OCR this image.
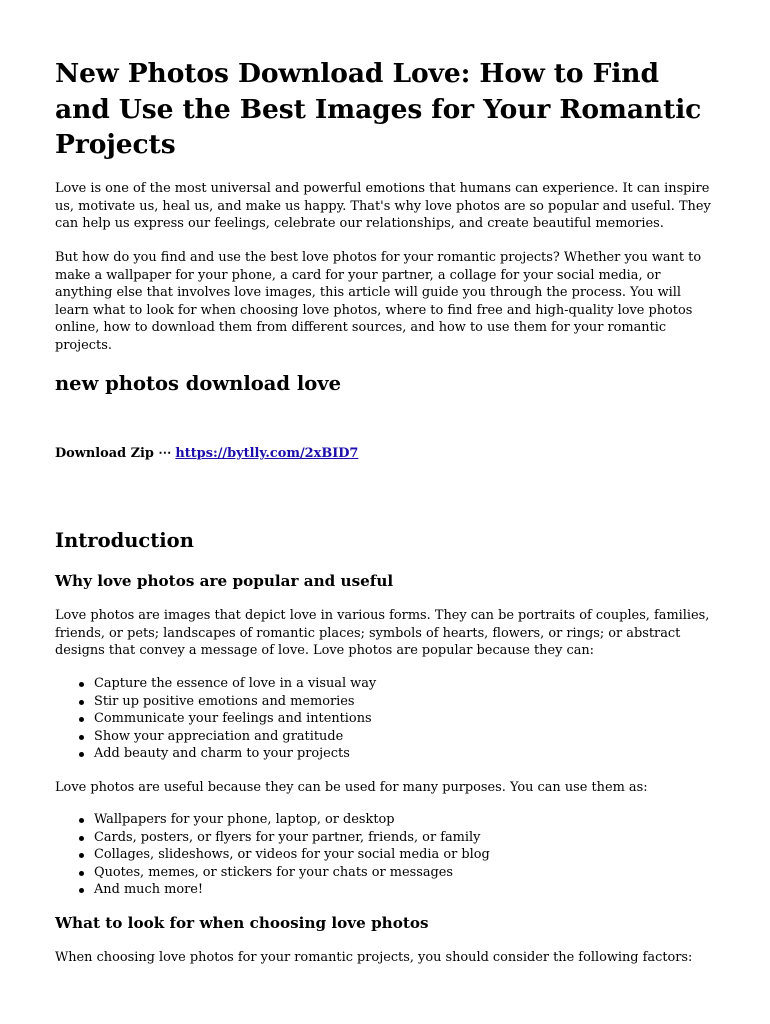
New Photos Download Love: How to Find and Use the Best Images for Your Romantic Projects

Love is one of the most universal and powerful emotions that humans can experience. It can inspire us, motivate us, heal us, and make us happy. That's why love photos are so popular and useful. They can help us express our feelings, celebrate our relationships, and create beautiful memories.

But how do you find and use the best love photos for your romantic projects? Whether you want to make a wallpaper for your phone, a card for your partner, a collage for your social media, or anything else that involves love images, this article will guide you through the process. You will learn what to look for when choosing love photos, where to find free and high-quality love photos online, how to download them from different sources, and how to use them for your romantic projects.

new photos download love
Download Zip ⋯ https://bytlly.com/2xBID7
Introduction
Why love photos are popular and useful

Love photos are images that depict love in various forms. They can be portraits of couples, families, friends, or pets; landscapes of romantic places; symbols of hearts, flowers, or rings; or abstract designs that convey a message of love. Love photos are popular because they can:

Capture the essence of love in a visual way
Stir up positive emotions and memories
Communicate your feelings and intentions
Show your appreciation and gratitude
Add beauty and charm to your projects

Love photos are useful because they can be used for many purposes. You can use them as:

Wallpapers for your phone, laptop, or desktop
Cards, posters, or flyers for your partner, friends, or family
Collages, slideshows, or videos for your social media or blog
Quotes, memes, or stickers for your chats or messages
And much more!
What to look for when choosing love photos

When choosing love photos for your romantic projects, you should consider the following factors:
